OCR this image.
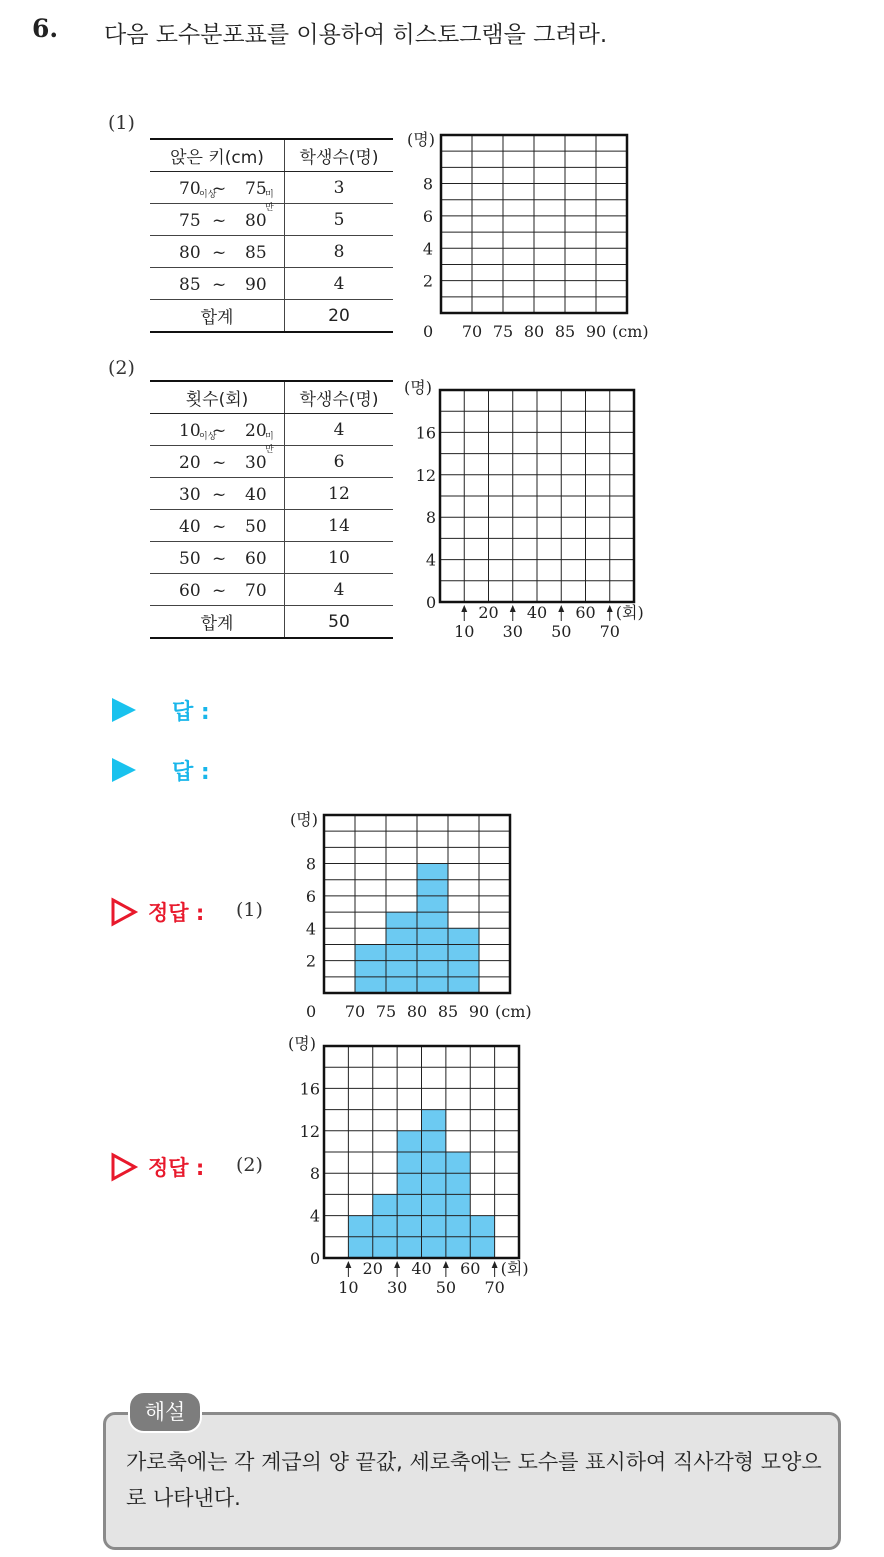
6. 다음 도수분포표를 이용하여 히스토그램을 그려라.
(1)
앉은 키(cm)	학생수(명)

70
이상
~ 75
미만	3

75 ~ 80	5

80 ~ 85	8

85 ~ 90	4
합계	20
(명)
0
2
4
6
8
70 75 80 85 90 (cm)
(2)
횟수(회)	학생수(명)

10
이상
~ 20
미만	4

20 ~ 30	6

30 ~ 40	12

40 ~ 50	14

50 ~ 60	10

60 ~ 70	4
합계	50
(명)
0
4
8
12
16
10 30 50 70
20 40 60 (회)
답 :
답 :
정답 : (1)
(명)
0
2
4
6
8
70 75 80 85 90 (cm)
정답 : (2)
(명)
0
4
8
12
16
10 30 50 70
20 40 60 (회)
해설
가로축에는 각 계급의 양 끝값, 세로축에는 도수를 표시하여 직사각형 모양으로 나타낸다.
